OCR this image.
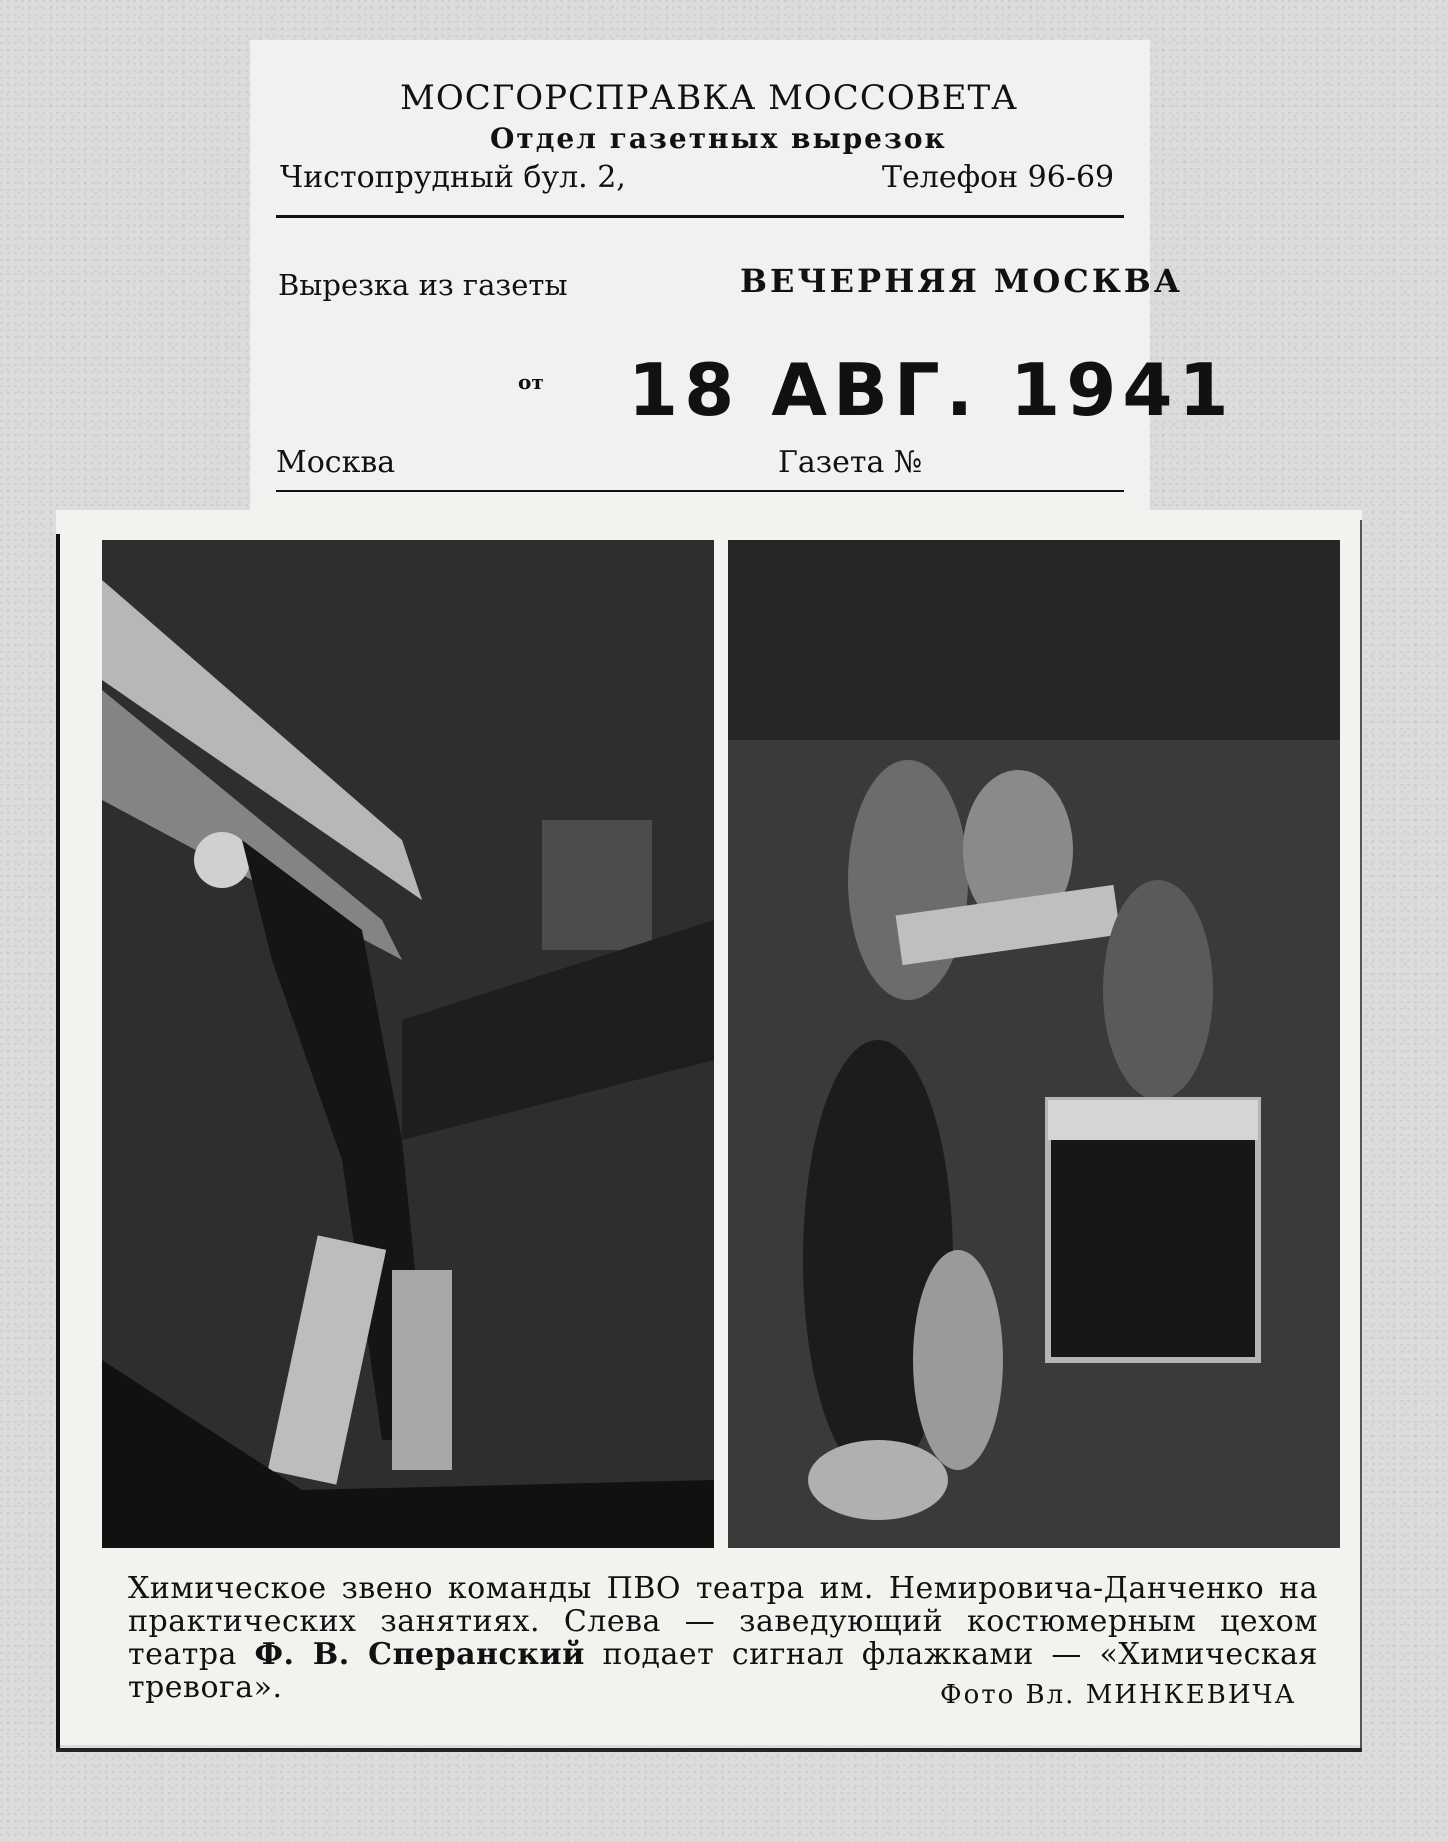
МОСГОРСПРАВКА МОССОВЕТА
Отдел газетных вырезок
Чистопрудный бул. 2,	Телефон 96-69
Вырезка из газеты	ВЕЧЕРНЯЯ МОСКВА
от 18 АВГ. 1941
Москва	Газета №
Химическое звено команды ПВО театра им. Немировича-Данченко на практических занятиях. Слева — заведующий костюмерным цехом театра Ф. В. Сперанский подает сигнал флажками — «Химическая тревога».	Фото Вл. МИНКЕВИЧА
